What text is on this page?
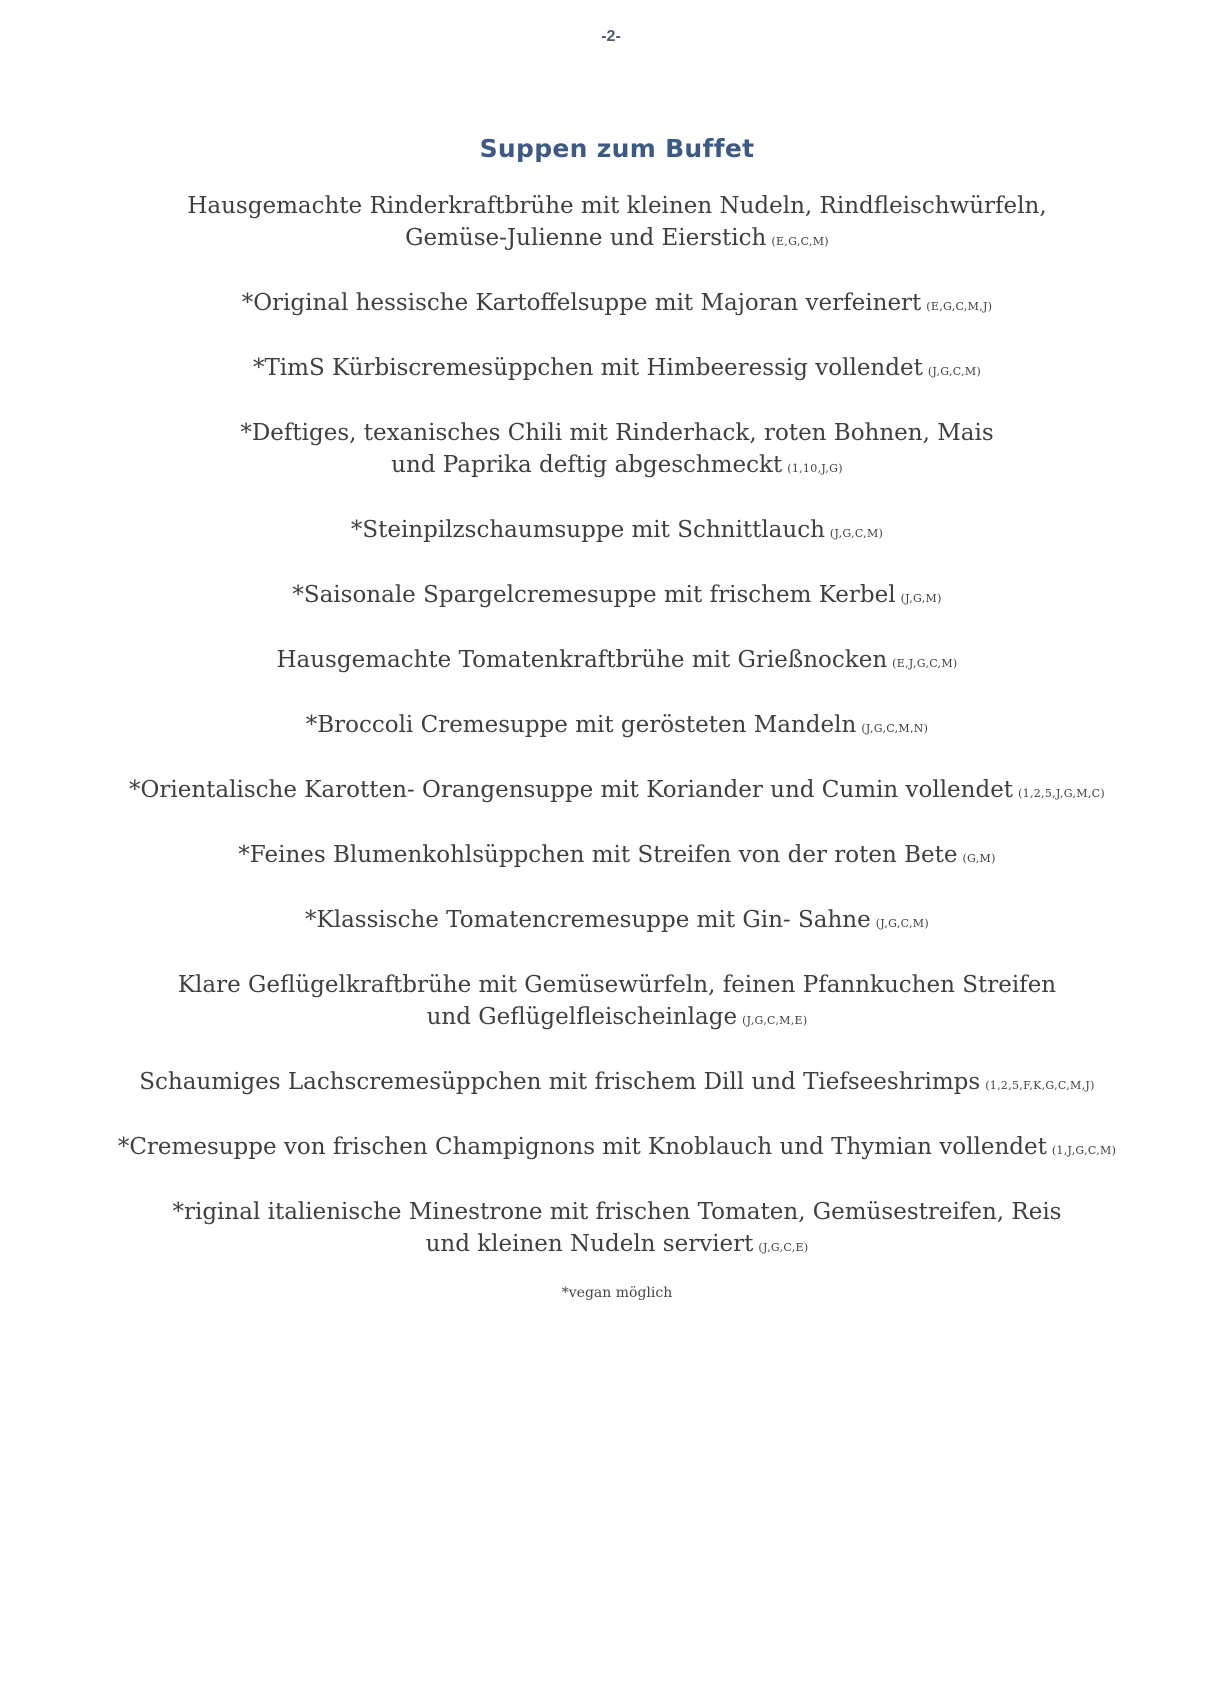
-2-
Suppen zum Buffet
Hausgemachte Rinderkraftbrühe mit kleinen Nudeln, Rindfleischwürfeln,
Gemüse-Julienne und Eierstich (E,G,C,M)
*Original hessische Kartoffelsuppe mit Majoran verfeinert (E,G,C,M,J)
*TimS Kürbiscremesüppchen mit Himbeeressig vollendet (J,G,C,M)
*Deftiges, texanisches Chili mit Rinderhack, roten Bohnen, Mais
und Paprika deftig abgeschmeckt (1,10,J,G)
*Steinpilzschaumsuppe mit Schnittlauch (J,G,C,M)
*Saisonale Spargelcremesuppe mit frischem Kerbel (J,G,M)
Hausgemachte Tomatenkraftbrühe mit Grießnocken (E,J,G,C,M)
*Broccoli Cremesuppe mit gerösteten Mandeln (J,G,C,M,N)
*Orientalische Karotten- Orangensuppe mit Koriander und Cumin vollendet (1,2,5,J,G,M,C)
*Feines Blumenkohlsüppchen mit Streifen von der roten Bete (G,M)
*Klassische Tomatencremesuppe mit Gin- Sahne (J,G,C,M)
Klare Geflügelkraftbrühe mit Gemüsewürfeln, feinen Pfannkuchen Streifen
und Geflügelfleischeinlage (J,G,C,M,E)
Schaumiges Lachscremesüppchen mit frischem Dill und Tiefseeshrimps (1,2,5,F,K,G,C,M,J)
*Cremesuppe von frischen Champignons mit Knoblauch und Thymian vollendet (1,J,G,C,M)
*riginal italienische Minestrone mit frischen Tomaten, Gemüsestreifen, Reis
und kleinen Nudeln serviert (J,G,C,E)
*vegan möglich
